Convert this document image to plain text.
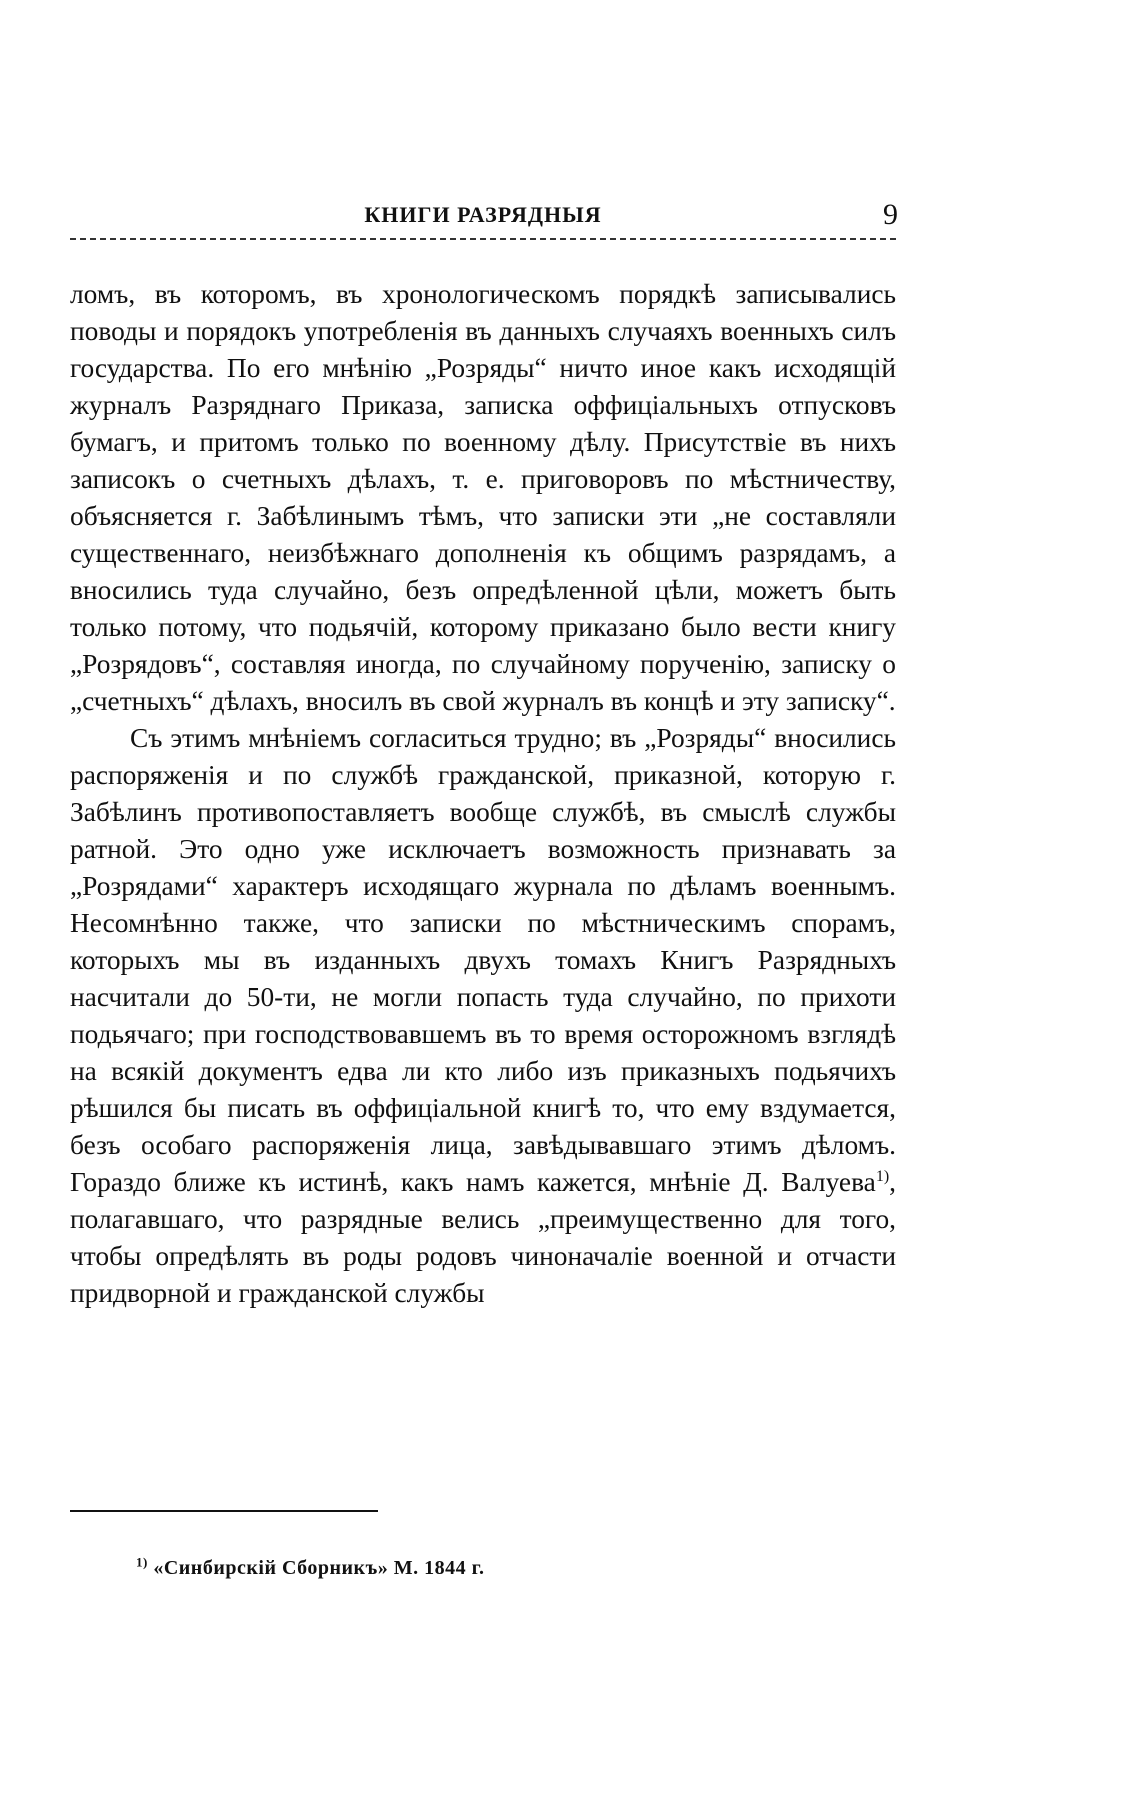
КНИГИ РАЗРЯДНЫЯ	9

ломъ, въ которомъ, въ хронологическомъ порядкѣ записывались поводы и порядокъ употребленія въ данныхъ случаяхъ военныхъ силъ государства. По его мнѣнію „Розряды“ ничто иное какъ исходящій журналъ Разряднаго Приказа, записка оффиціальныхъ отпусковъ бумагъ, и притомъ только по военному дѣлу. Присутствіе въ нихъ записокъ о счетныхъ дѣлахъ, т. е. приговоровъ по мѣстничеству, объясняется г. Забѣлинымъ тѣмъ, что записки эти „не составляли существеннаго, неизбѣжнаго дополненія къ общимъ разрядамъ, а вносились туда случайно, безъ опредѣленной цѣли, можетъ быть только потому, что подьячій, которому приказано было вести книгу „Розрядовъ“, составляя иногда, по случайному порученію, записку о „счетныхъ“ дѣлахъ, вносилъ въ свой журналъ въ концѣ и эту записку“.

Съ этимъ мнѣніемъ согласиться трудно; въ „Розряды“ вносились распоряженія и по службѣ гражданской, приказной, которую г. Забѣлинъ противопоставляетъ вообще службѣ, въ смыслѣ службы ратной. Это одно уже исключаетъ возможность признавать за „Розрядами“ характеръ исходящаго журнала по дѣламъ военнымъ. Несомнѣнно также, что записки по мѣстническимъ спорамъ, которыхъ мы въ изданныхъ двухъ томахъ Книгъ Разрядныхъ насчитали до 50-ти, не могли попасть туда случайно, по прихоти подьячаго; при господствовавшемъ въ то время осторожномъ взглядѣ на всякій документъ едва ли кто либо изъ приказныхъ подьячихъ рѣшился бы писать въ оффиціальной книгѣ то, что ему вздумается, безъ особаго распоряженія лица, завѣдывавшаго этимъ дѣломъ. Гораздо ближе къ истинѣ, какъ намъ кажется, мнѣніе Д. Валуева$^{1)}$, полагавшаго, что разрядные велись „преимущественно для того, чтобы опредѣлять въ роды родовъ чиноначаліе военной и отчасти придворной и гражданской службы

$^{1)}$ «Синбирскій Сборникъ» М. 1844 г.
